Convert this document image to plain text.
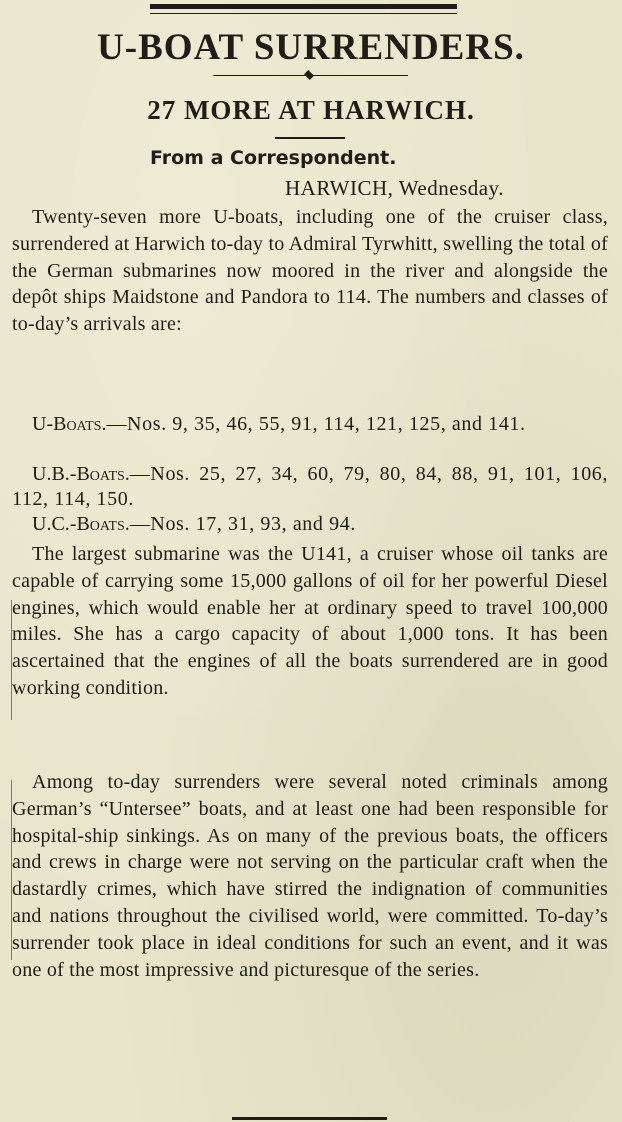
U-BOAT SURRENDERS.
27 MORE AT HARWICH.

From a Correspondent.

HARWICH, Wednesday.

Twenty-seven more U-boats, including one of the cruiser class, surrendered at Harwich to-day to Admiral Tyrwhitt, swelling the total of the German submarines now moored in the river and alongside the depôt ships Maidstone and Pandora to 114. The numbers and classes of to-day’s arrivals are:

U-Boats.—Nos. 9, 35, 46, 55, 91, 114, 121, 125, and 141.

U.B.-Boats.—Nos. 25, 27, 34, 60, 79, 80, 84, 88, 91, 101, 106, 112, 114, 150.

U.C.-Boats.—Nos. 17, 31, 93, and 94.

The largest submarine was the U141, a cruiser whose oil tanks are capable of carrying some 15,000 gallons of oil for her powerful Diesel engines, which would enable her at ordinary speed to travel 100,000 miles. She has a cargo capacity of about 1,000 tons. It has been ascertained that the engines of all the boats surrendered are in good working condition.

Among to-day surrenders were several noted criminals among German’s “Untersee” boats, and at least one had been responsible for hospital-ship sinkings. As on many of the previous boats, the officers and crews in charge were not serving on the particular craft when the dastardly crimes, which have stirred the indignation of communities and nations throughout the civilised world, were committed. To-day’s surrender took place in ideal conditions for such an event, and it was one of the most impressive and picturesque of the series.
